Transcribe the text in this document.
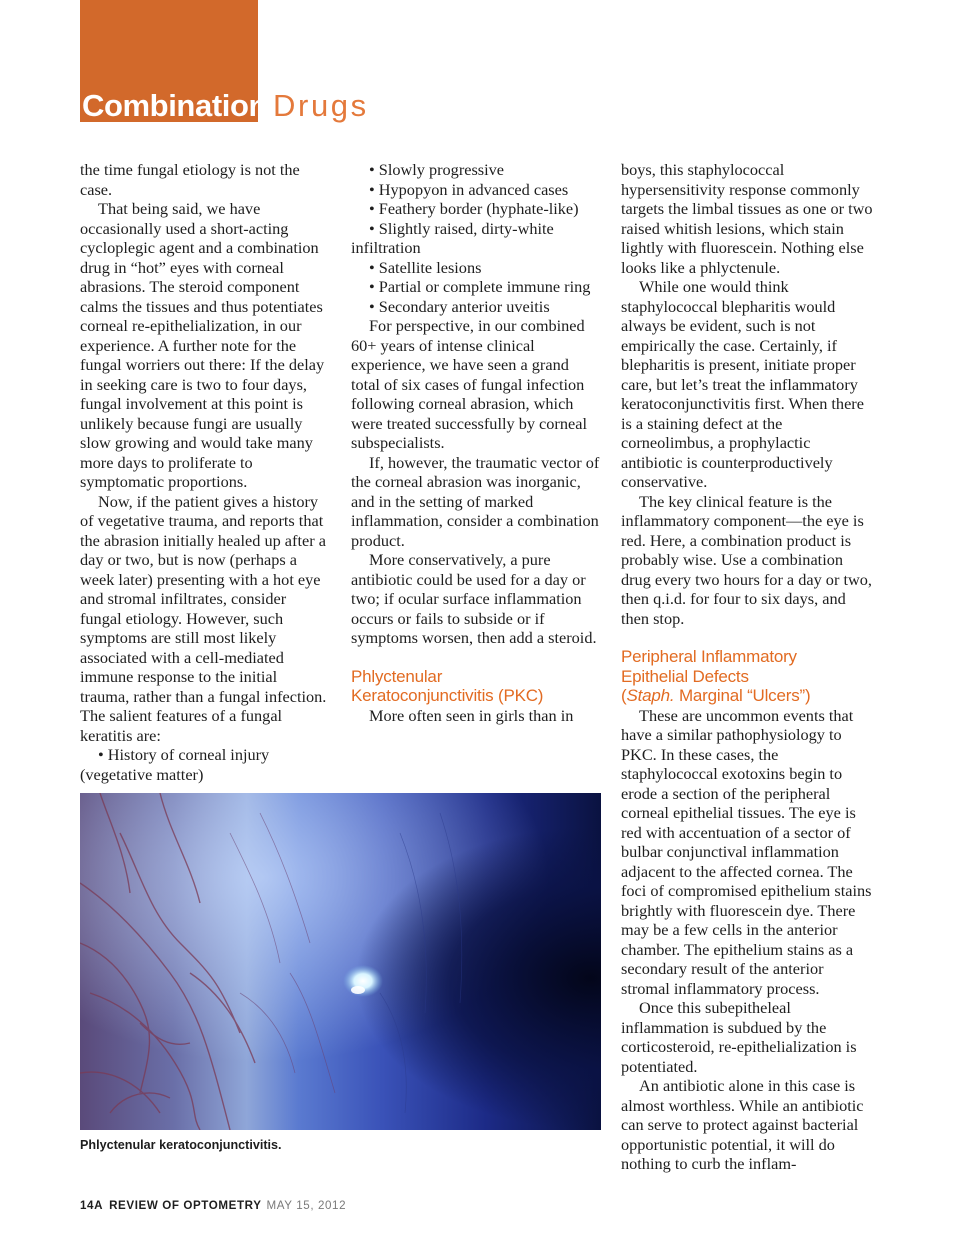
Combination Drugs

the time fungal etiology is not the case.

That being said, we have occasionally used a short-acting cycloplegic agent and a combination drug in “hot” eyes with corneal abrasions. The steroid component calms the tissues and thus potentiates corneal re-epithelialization, in our experience. A further note for the fungal worriers out there: If the delay in seeking care is two to four days, fungal involvement at this point is unlikely because fungi are usually slow growing and would take many more days to proliferate to symptomatic proportions.

Now, if the patient gives a history of vegetative trauma, and reports that the abrasion initially healed up after a day or two, but is now (perhaps a week later) presenting with a hot eye and stromal infiltrates, consider fungal etiology. However, such symptoms are still most likely associated with a cell-mediated immune response to the initial trauma, rather than a fungal infection. The salient features of a fungal keratitis are:

• History of corneal injury (vegetative matter)

• Slowly progressive

• Hypopyon in advanced cases

• Feathery border (hyphate-like)

• Slightly raised, dirty-white infiltration

• Satellite lesions

• Partial or complete immune ring

• Secondary anterior uveitis

For perspective, in our combined 60+ years of intense clinical experience, we have seen a grand total of six cases of fungal infection following corneal abrasion, which were treated successfully by corneal subspecialists.

If, however, the traumatic vector of the corneal abrasion was inorganic, and in the setting of marked inflammation, consider a combination product.

More conservatively, a pure antibiotic could be used for a day or two; if ocular surface inflammation occurs or fails to subside or if symptoms worsen, then add a steroid.

Phlyctenular
Keratoconjunctivitis (PKC)

More often seen in girls than in

boys, this staphylococcal hypersensitivity response commonly targets the limbal tissues as one or two raised whitish lesions, which stain lightly with fluorescein. Nothing else looks like a phlyctenule.

While one would think staphylococcal blepharitis would always be evident, such is not empirically the case. Certainly, if blepharitis is present, initiate proper care, but let’s treat the inflammatory keratoconjunctivitis first. When there is a staining defect at the corneolimbus, a prophylactic antibiotic is counterproductively conservative.

The key clinical feature is the inflammatory component—the eye is red. Here, a combination product is probably wise. Use a combination drug every two hours for a day or two, then q.i.d. for four to six days, and then stop.

Peripheral Inflammatory
Epithelial Defects
(Staph. Marginal “Ulcers”)

These are uncommon events that have a similar pathophysiology to PKC. In these cases, the staphylococcal exotoxins begin to erode a section of the peripheral corneal epithelial tissues. The eye is red with accentuation of a sector of bulbar conjunctival inflammation adjacent to the affected cornea. The foci of compromised epithelium stains brightly with fluorescein dye. There may be a few cells in the anterior chamber. The epithelium stains as a secondary result of the anterior stromal inflammatory process.

Once this subepitheleal inflammation is subdued by the corticosteroid, re-epithelialization is potentiated.

An antibiotic alone in this case is almost worthless. While an antibiotic can serve to protect against bacterial opportunistic potential, it will do nothing to curb the inflam-

Phlyctenular keratoconjunctivitis.
14A REVIEW OF OPTOMETRY MAY 15, 2012
